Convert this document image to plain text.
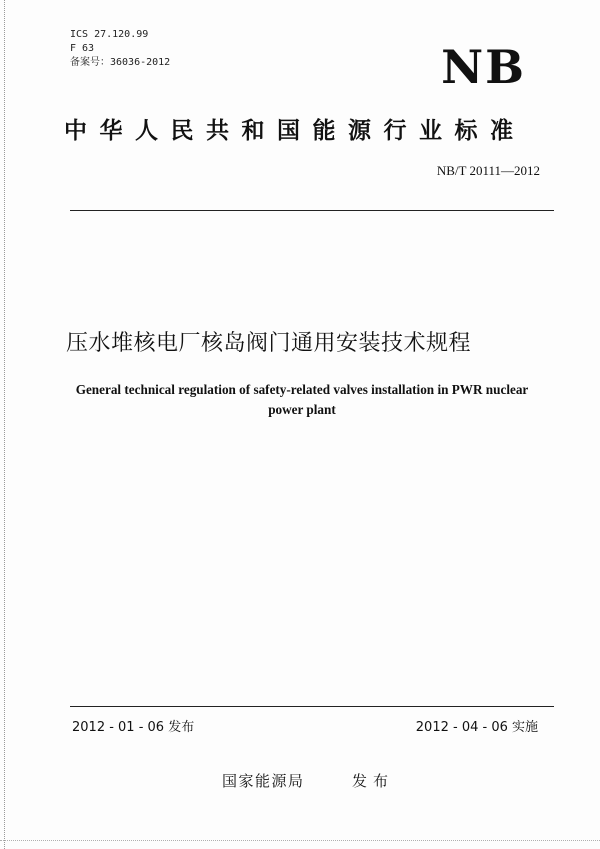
ICS 27.120.99
F 63
备案号：36036-2012	NB
中华人民共和国能源行业标准
NB/T 20111—2012
压水堆核电厂核岛阀门通用安装技术规程
General technical regulation of safety-related valves installation in PWR nuclear
power plant
2012 - 01 - 06 发布	2012 - 04 - 06 实施
国家能源局	发布
